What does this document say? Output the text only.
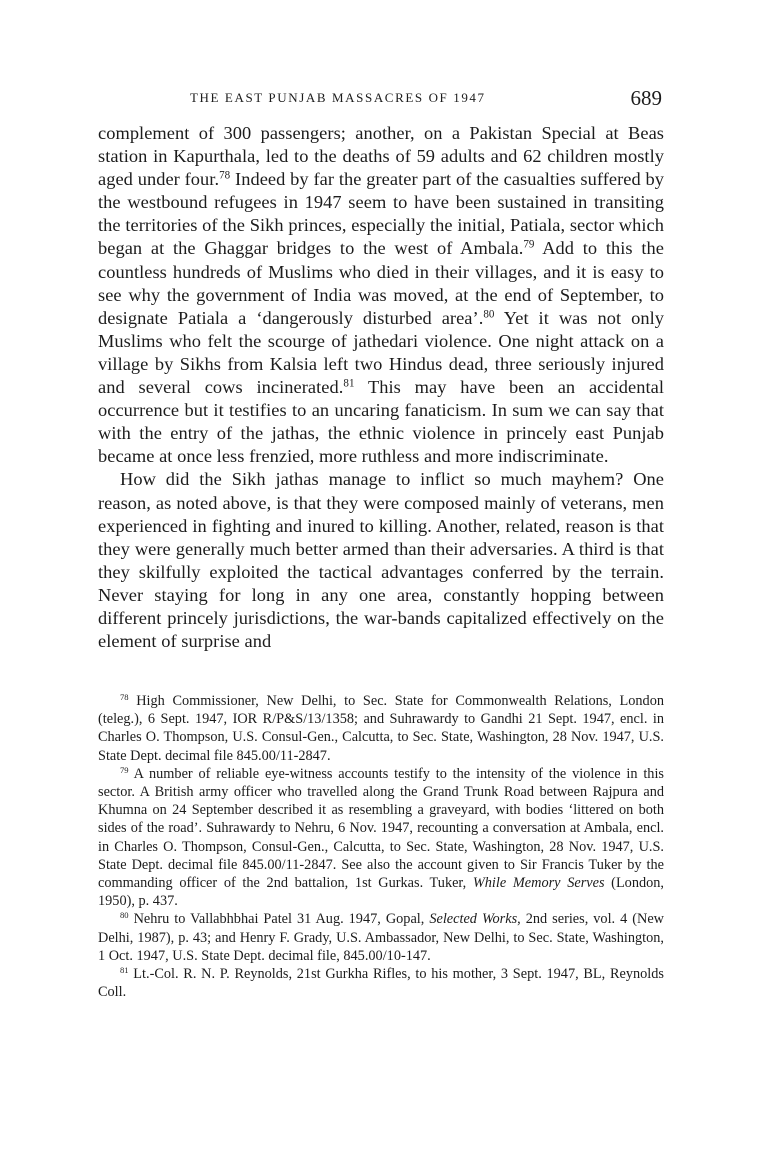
THE EAST PUNJAB MASSACRES OF 1947	689

complement of 300 passengers; another, on a Pakistan Special at Beas station in Kapurthala, led to the deaths of 59 adults and 62 children mostly aged under four.$^{78}$ Indeed by far the greater part of the casualties suffered by the westbound refugees in 1947 seem to have been sustained in transiting the territories of the Sikh princes, especially the initial, Patiala, sector which began at the Ghaggar bridges to the west of Ambala.$^{79}$ Add to this the countless hundreds of Muslims who died in their villages, and it is easy to see why the government of India was moved, at the end of September, to designate Patiala a ‘dangerously disturbed area’.$^{80}$ Yet it was not only Muslims who felt the scourge of jathedari violence. One night attack on a village by Sikhs from Kalsia left two Hindus dead, three seriously injured and several cows incinerated.$^{81}$ This may have been an accidental occurrence but it testifies to an uncaring fanaticism. In sum we can say that with the entry of the jathas, the ethnic violence in princely east Punjab became at once less frenzied, more ruthless and more indiscriminate.

How did the Sikh jathas manage to inflict so much mayhem? One reason, as noted above, is that they were composed mainly of veterans, men experienced in fighting and inured to killing. Another, related, reason is that they were generally much better armed than their adversaries. A third is that they skilfully exploited the tactical advantages conferred by the terrain. Never staying for long in any one area, constantly hopping between different princely jurisdictions, the war-bands capitalized effectively on the element of surprise and

$^{78}$ High Commissioner, New Delhi, to Sec. State for Commonwealth Relations, London (teleg.), 6 Sept. 1947, IOR R/P&S/13/1358; and Suhrawardy to Gandhi 21 Sept. 1947, encl. in Charles O. Thompson, U.S. Consul-Gen., Calcutta, to Sec. State, Washington, 28 Nov. 1947, U.S. State Dept. decimal file 845.00/11-2847.

$^{79}$ A number of reliable eye-witness accounts testify to the intensity of the violence in this sector. A British army officer who travelled along the Grand Trunk Road between Rajpura and Khumna on 24 September described it as resembling a graveyard, with bodies ‘littered on both sides of the road’. Suhrawardy to Nehru, 6 Nov. 1947, recounting a conversation at Ambala, encl. in Charles O. Thompson, Consul-Gen., Calcutta, to Sec. State, Washington, 28 Nov. 1947, U.S. State Dept. decimal file 845.00/11-2847. See also the account given to Sir Francis Tuker by the commanding officer of the 2nd battalion, 1st Gurkas. Tuker, While Memory Serves (London, 1950), p. 437.

$^{80}$ Nehru to Vallabhbhai Patel 31 Aug. 1947, Gopal, Selected Works, 2nd series, vol. 4 (New Delhi, 1987), p. 43; and Henry F. Grady, U.S. Ambassador, New Delhi, to Sec. State, Washington, 1 Oct. 1947, U.S. State Dept. decimal file, 845.00/10-147.

$^{81}$ Lt.-Col. R. N. P. Reynolds, 21st Gurkha Rifles, to his mother, 3 Sept. 1947, BL, Reynolds Coll.
